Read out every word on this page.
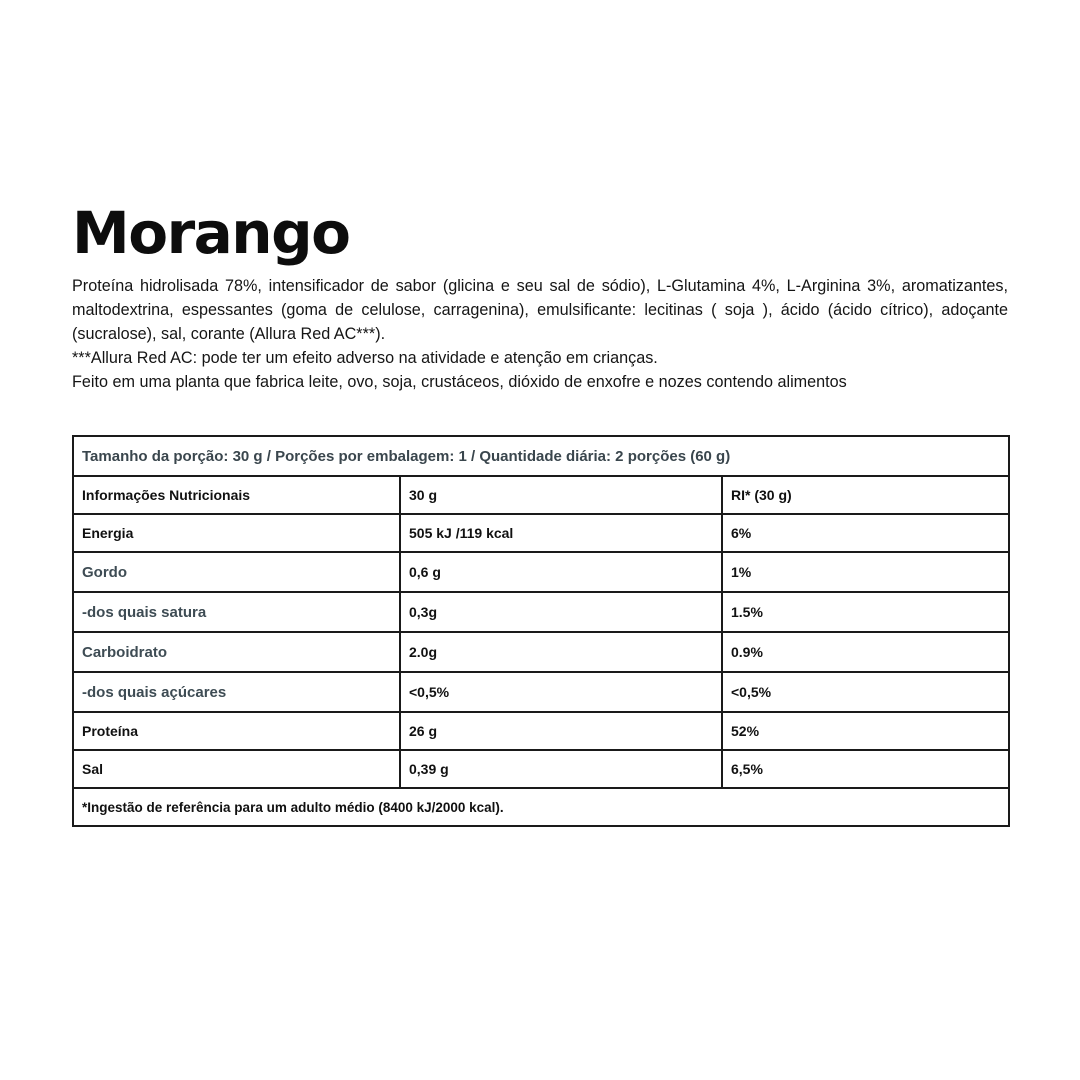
Morango

Proteína hidrolisada 78%, intensificador de sabor (glicina e seu sal de sódio), L-Glutamina 4%, L-Arginina 3%, aromatizantes, maltodextrina, espessantes (goma de celulose, carragenina), emulsificante: lecitinas ( soja ), ácido (ácido cítrico), adoçante (sucralose), sal, corante (Allura Red AC***).

***Allura Red AC: pode ter um efeito adverso na atividade e atenção em crianças.

Feito em uma planta que fabrica leite, ovo, soja, crustáceos, dióxido de enxofre e nozes contendo alimentos

Tamanho da porção: 30 g / Porções por embalagem: 1 / Quantidade diária: 2 porções (60 g)		
Informações Nutricionais	30 g	RI* (30 g)
Energia	505 kJ /119 kcal	6%
Gordo	0,6 g	1%
-dos quais satura	0,3g	1.5%
Carboidrato	2.0g	0.9%
-dos quais açúcares	<0,5%	<0,5%
Proteína	26 g	52%
Sal	0,39 g	6,5%
*Ingestão de referência para um adulto médio (8400 kJ/2000 kcal).		
